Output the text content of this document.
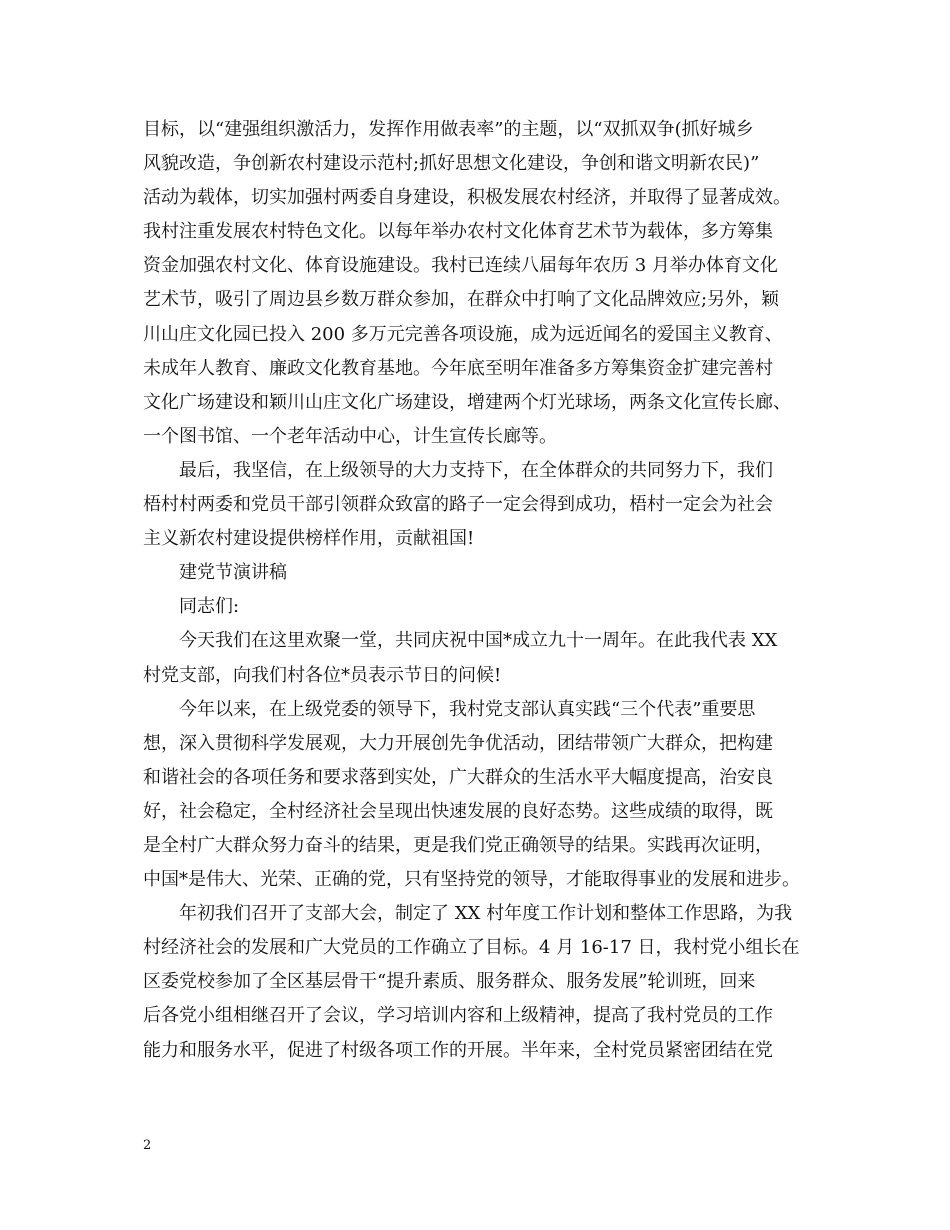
目标，以“建强组织激活力，发挥作用做表率”的主题，以“双抓双争(抓好城乡
风貌改造，争创新农村建设示范村;抓好思想文化建设，争创和谐文明新农民)”
活动为载体，切实加强村两委自身建设，积极发展农村经济，并取得了显著成效。
我村注重发展农村特色文化。以每年举办农村文化体育艺术节为载体，多方筹集
资金加强农村文化、体育设施建设。我村已连续八届每年农历 3 月举办体育文化
艺术节，吸引了周边县乡数万群众参加，在群众中打响了文化品牌效应;另外，颖
川山庄文化园已投入 200 多万元完善各项设施，成为远近闻名的爱国主义教育、
未成年人教育、廉政文化教育基地。今年底至明年准备多方筹集资金扩建完善村
文化广场建设和颖川山庄文化广场建设，增建两个灯光球场，两条文化宣传长廊、
一个图书馆、一个老年活动中心，计生宣传长廊等。
最后，我坚信，在上级领导的大力支持下，在全体群众的共同努力下，我们
梧村村两委和党员干部引领群众致富的路子一定会得到成功，梧村一定会为社会
主义新农村建设提供榜样作用，贡献祖国!
建党节演讲稿
同志们:
今天我们在这里欢聚一堂，共同庆祝中国*成立九十一周年。在此我代表 XX
村党支部，向我们村各位*员表示节日的问候!
今年以来，在上级党委的领导下，我村党支部认真实践“三个代表”重要思
想，深入贯彻科学发展观，大力开展创先争优活动，团结带领广大群众，把构建
和谐社会的各项任务和要求落到实处，广大群众的生活水平大幅度提高，治安良
好，社会稳定，全村经济社会呈现出快速发展的良好态势。这些成绩的取得，既
是全村广大群众努力奋斗的结果，更是我们党正确领导的结果。实践再次证明，
中国*是伟大、光荣、正确的党，只有坚持党的领导，才能取得事业的发展和进步。
年初我们召开了支部大会，制定了 XX 村年度工作计划和整体工作思路，为我
村经济社会的发展和广大党员的工作确立了目标。4 月 16-17 日，我村党小组长在
区委党校参加了全区基层骨干“提升素质、服务群众、服务发展”轮训班，回来
后各党小组相继召开了会议，学习培训内容和上级精神，提高了我村党员的工作
能力和服务水平，促进了村级各项工作的开展。半年来，全村党员紧密团结在党
2
